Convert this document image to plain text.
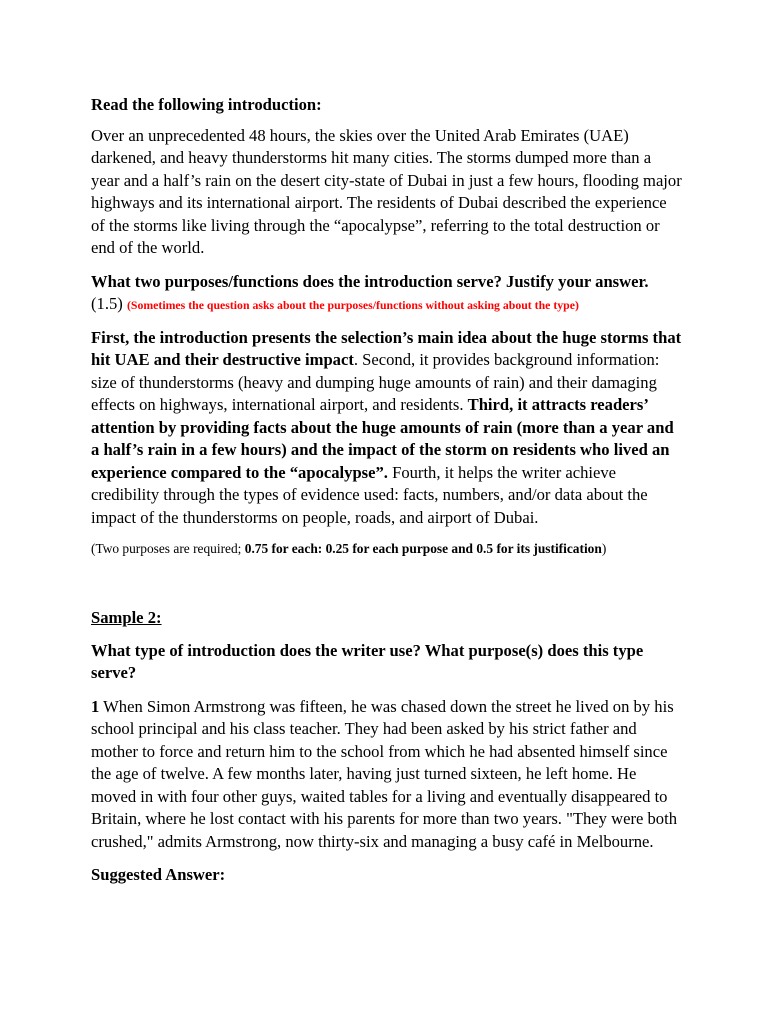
Read the following introduction:

Over an unprecedented 48 hours, the skies over the United Arab Emirates (UAE) darkened, and heavy thunderstorms hit many cities. The storms dumped more than a year and a half’s rain on the desert city-state of Dubai in just a few hours, flooding major highways and its international airport. The residents of Dubai described the experience of the storms like living through the “apocalypse”, referring to the total destruction or end of the world.

What two purposes/functions does the introduction serve? Justify your answer. (1.5) (Sometimes the question asks about the purposes/functions without asking about the type)

First, the introduction presents the selection’s main idea about the huge storms that hit UAE and their destructive impact. Second, it provides background information: size of thunderstorms (heavy and dumping huge amounts of rain) and their damaging effects on highways, international airport, and residents. Third, it attracts readers’ attention by providing facts about the huge amounts of rain (more than a year and a half’s rain in a few hours) and the impact of the storm on residents who lived an experience compared to the “apocalypse”. Fourth, it helps the writer achieve credibility through the types of evidence used: facts, numbers, and/or data about the impact of the thunderstorms on people, roads, and airport of Dubai.

(Two purposes are required; 0.75 for each: 0.25 for each purpose and 0.5 for its justification)

Sample 2:

What type of introduction does the writer use? What purpose(s) does this type serve?

1 When Simon Armstrong was fifteen, he was chased down the street he lived on by his school principal and his class teacher. They had been asked by his strict father and mother to force and return him to the school from which he had absented himself since the age of twelve. A few months later, having just turned sixteen, he left home. He moved in with four other guys, waited tables for a living and eventually disappeared to Britain, where he lost contact with his parents for more than two years. "They were both crushed," admits Armstrong, now thirty-six and managing a busy café in Melbourne.

Suggested Answer:
